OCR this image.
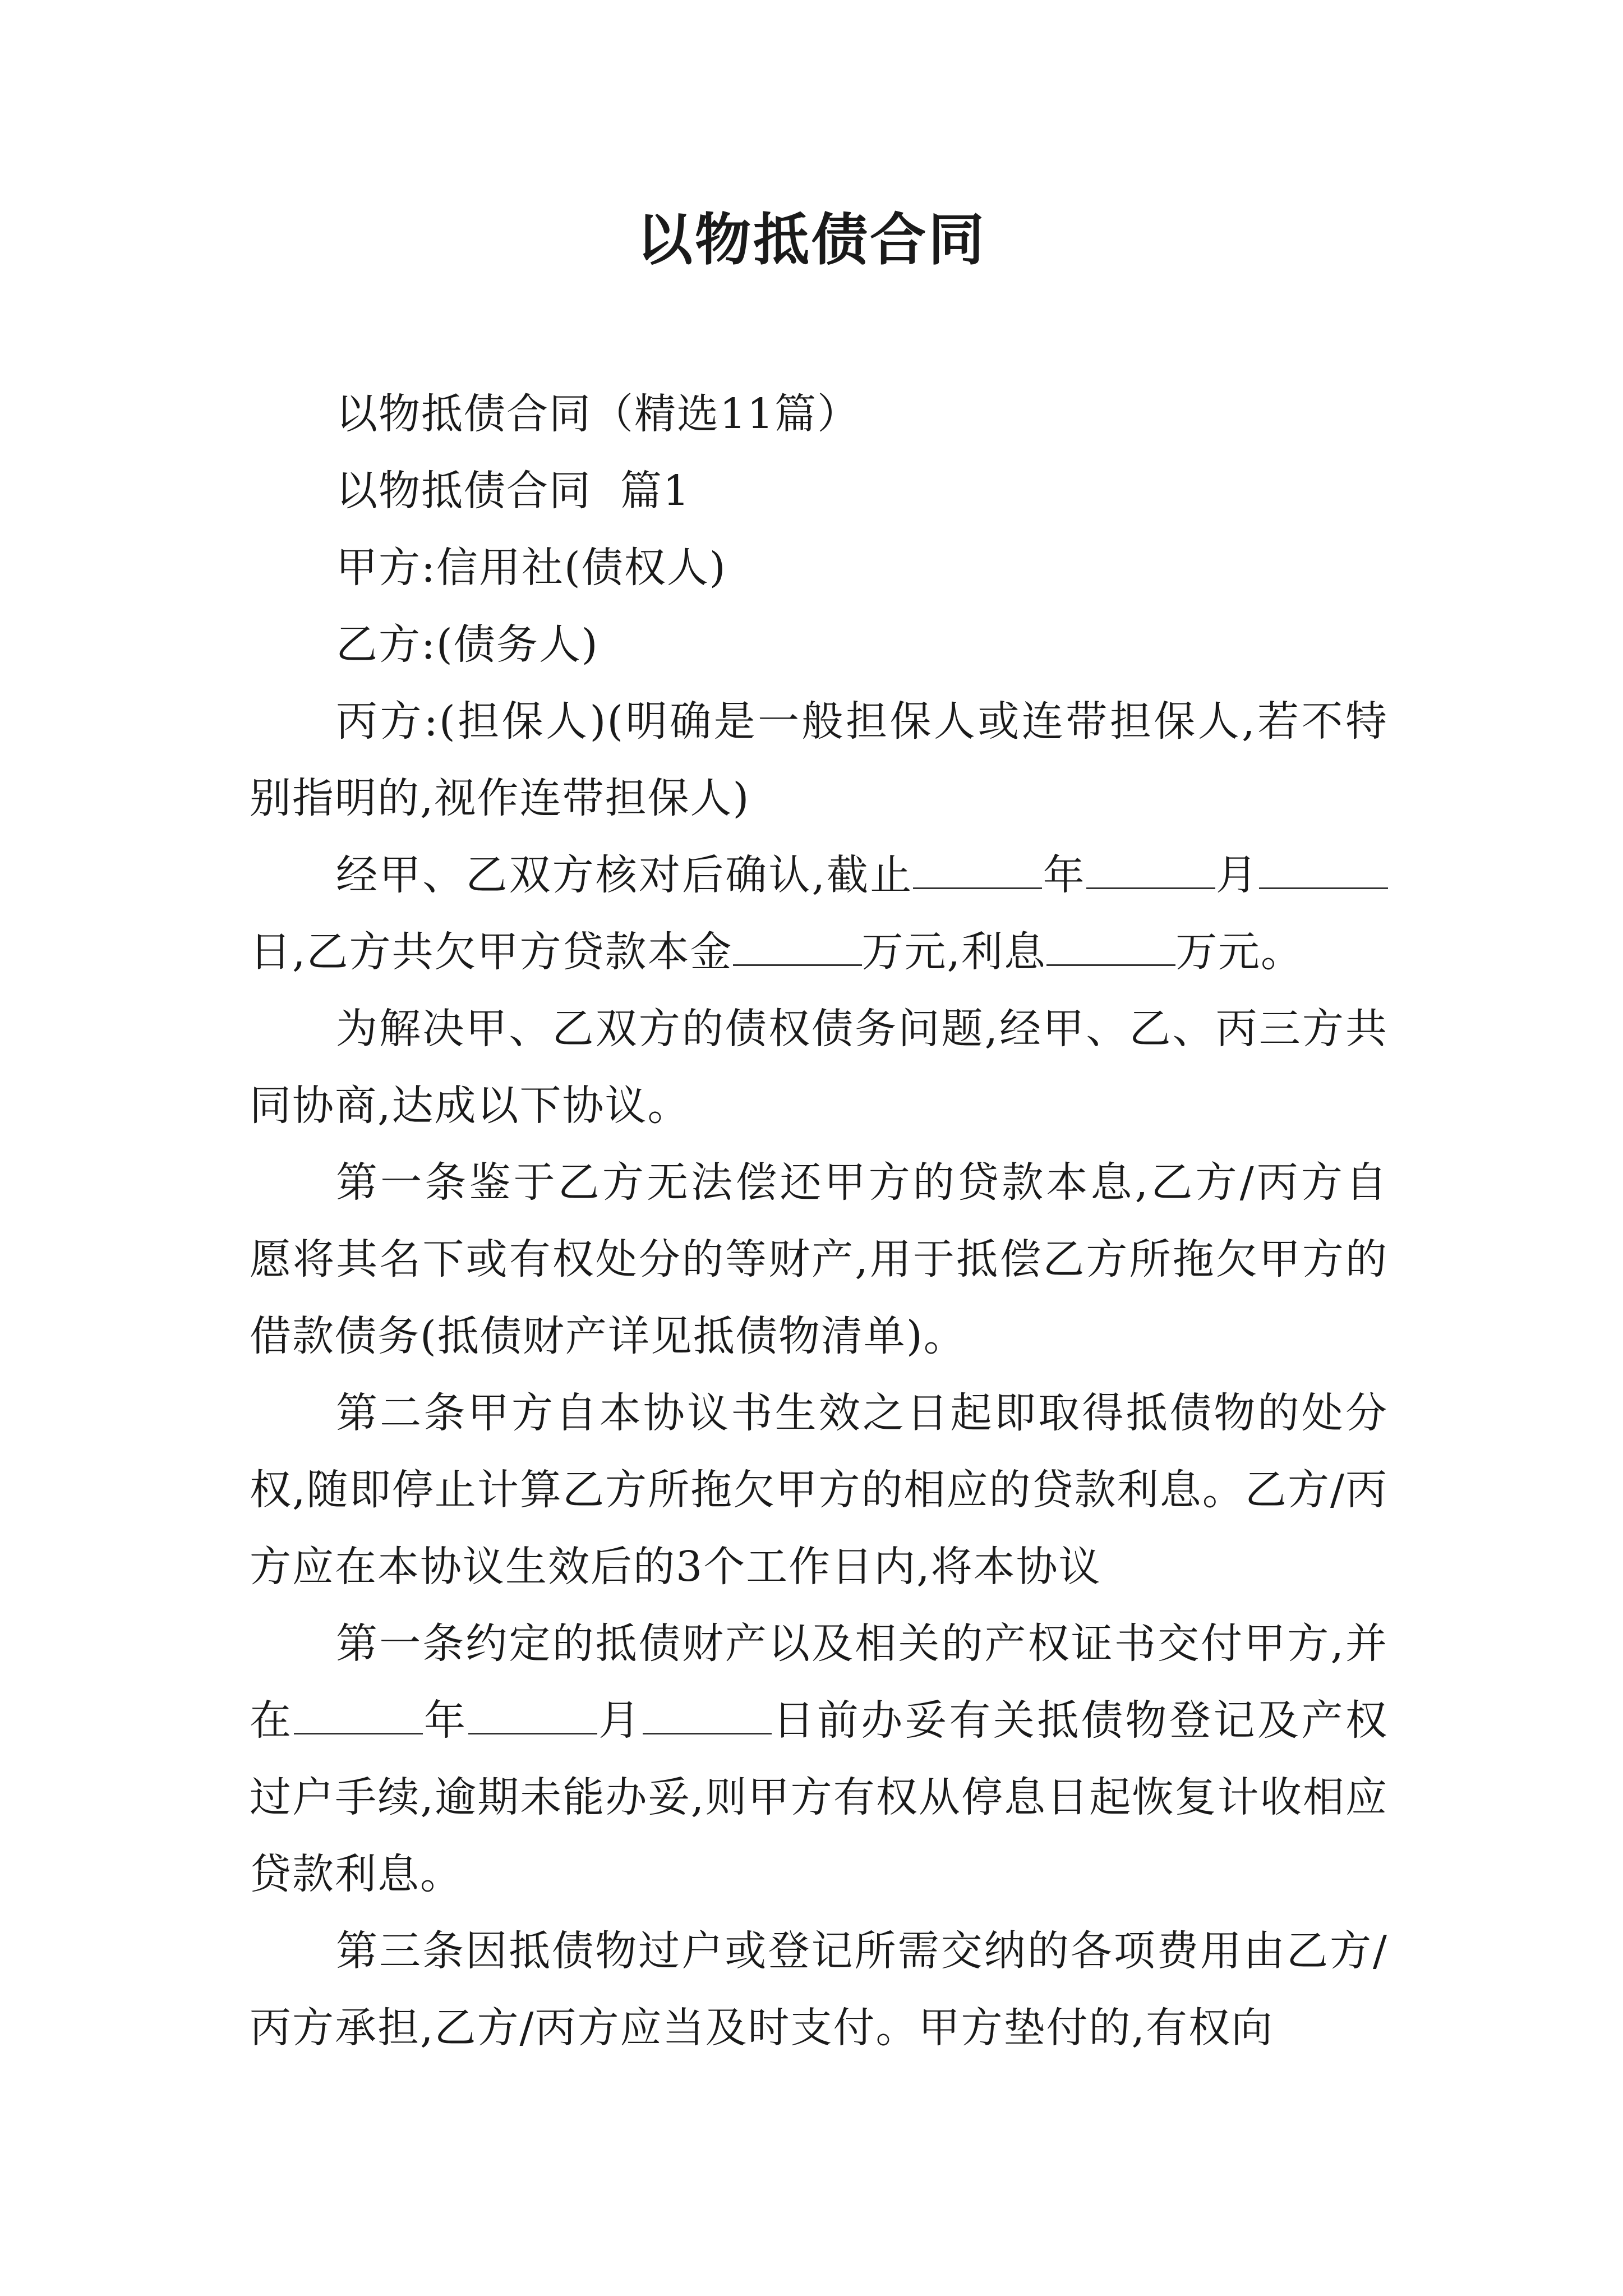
以物抵债合同

以物抵债合同（精选11篇）

以物抵债合同  篇1

甲方:信用社(债权人)

乙方:(债务人)

丙方:(担保人)(明确是一般担保人或连带担保人,若不特别指明的,视作连带担保人)

经甲、乙双方核对后确认,截止	年	月日,乙方共欠甲方贷款本金	万元,利息	万元。

为解决甲、乙双方的债权债务问题,经甲、乙、丙三方共同协商,达成以下协议。

第一条鉴于乙方无法偿还甲方的贷款本息,乙方/丙方自愿将其名下或有权处分的等财产,用于抵偿乙方所拖欠甲方的借款债务(抵债财产详见抵债物清单)。

第二条甲方自本协议书生效之日起即取得抵债物的处分权,随即停止计算乙方所拖欠甲方的相应的贷款利息。乙方/丙方应在本协议生效后的3个工作日内,将本协议

第一条约定的抵债财产以及相关的产权证书交付甲方,并在	年	月	日前办妥有关抵债物登记及产权过户手续,逾期未能办妥,则甲方有权从停息日起恢复计收相应贷款利息。

第三条因抵债物过户或登记所需交纳的各项费用由乙方/丙方承担,乙方/丙方应当及时支付。甲方垫付的,有权向
